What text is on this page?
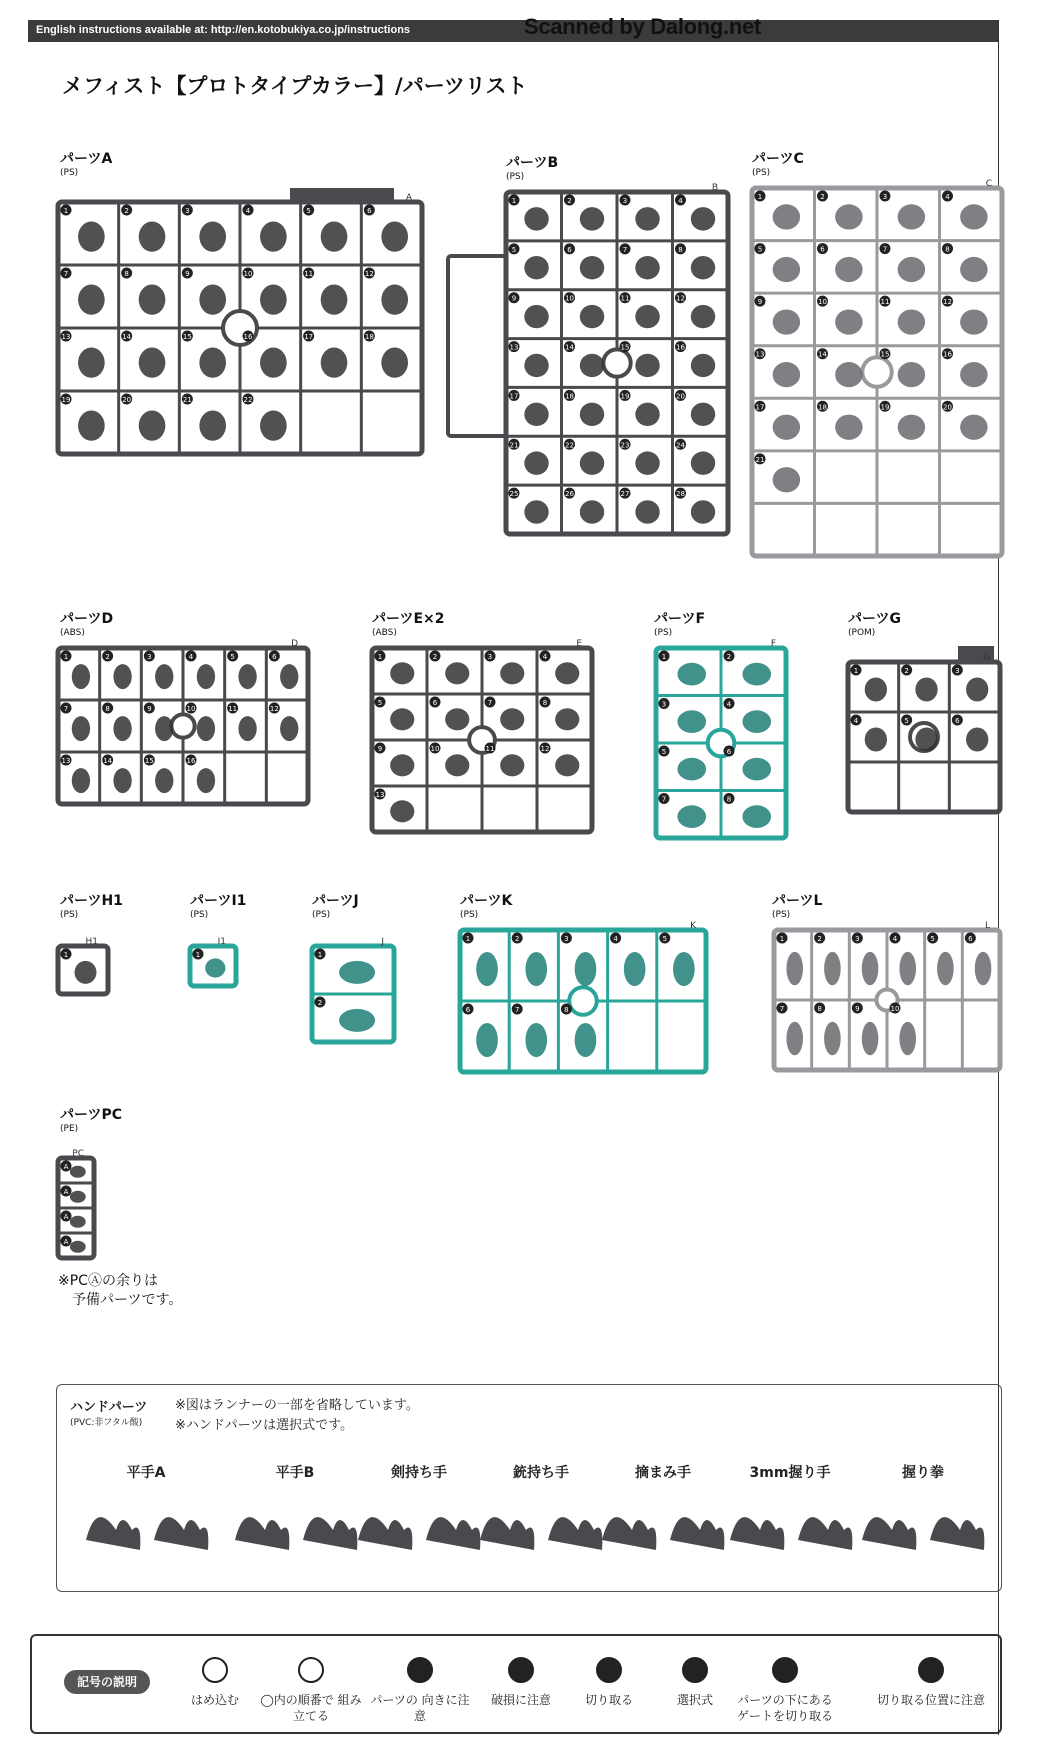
English instructions available at: http://en.kotobukiya.co.jp/instructions	Scanned by Dalong.net
メフィスト【プロトタイプカラー】/パーツリスト
パーツA
(PS)
パーツB
(PS)
パーツC
(PS)
パーツD
(ABS)
パーツE×2
(ABS)
パーツF
(PS)
パーツG
(POM)
パーツH1
(PS)
パーツI1
(PS)
パーツJ
(PS)
パーツK
(PS)
パーツL
(PS)
パーツPC
(PE)
A
1	2	3	4	5	6
7	8	9	10	11	12
13	14	15	16	17	18
19	20	21	22
B
1	2	3	4
5	6	7	8
9	10	11	12
13	14	15	16
17	18	19	20
21	22	23	24
25	26	27	28
C
1	2	3	4
5	6	7	8
9	10	11	12
13	14	15	16
17	18	19	20
21
D
1	2	3	4	5	6
7	8	9	10	11	12
13	14	15	16
E
1	2	3	4
5	6	7	8
9	10	11	12
13
F
1	2
3	4
5	6
7	8
G
1	2	3
4	5	6
H1
1
I1
1
J
1
2
K
1	2	3	4	5
6	7	8
L
1	2	3	4	5	6
7	8	9	10
PC
A
A
A
A
※PCⒶの余りは
予備パーツです。
ハンドパーツ
(PVC:非フタル酸)
※図はランナーの一部を省略しています。
※ハンドパーツは選択式です。
平手A	平手B	剣持ち手	銃持ち手	摘まみ手	3mm握り手	握り拳
記号の説明
はめ込む	◯内の順番で 組み立てる
パーツの 向きに注意
破損に注意	切り取る	選択式	パーツの下にある ゲートを切り取る
切り取る位置に注意
